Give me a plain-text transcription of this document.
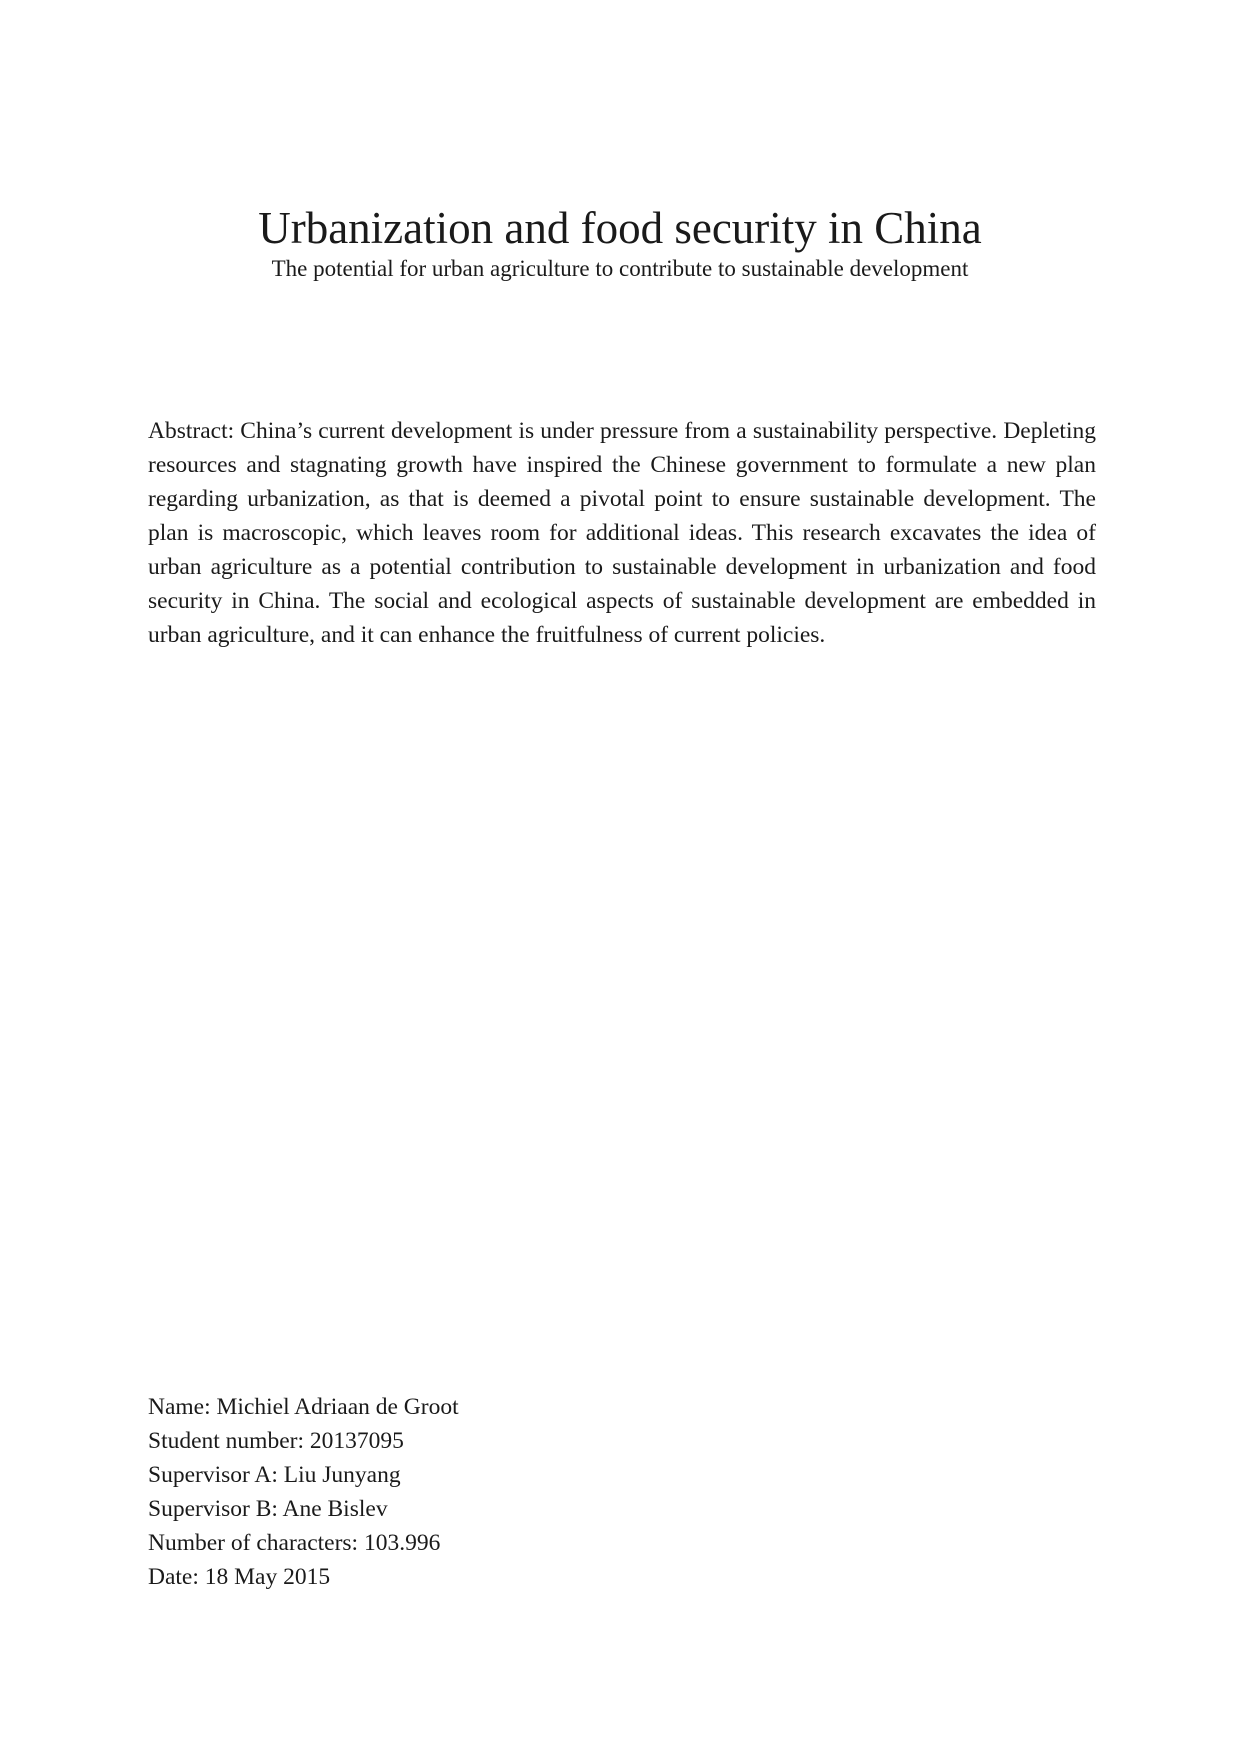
Urbanization and food security in China

The potential for urban agriculture to contribute to sustainable development

Abstract: China’s current development is under pressure from a sustainability perspective. Depleting resources and stagnating growth have inspired the Chinese government to formulate a new plan regarding urbanization, as that is deemed a pivotal point to ensure sustainable development. The plan is macroscopic, which leaves room for additional ideas. This research excavates the idea of urban agriculture as a potential contribution to sustainable development in urbanization and food security in China. The social and ecological aspects of sustainable development are embedded in urban agriculture, and it can enhance the fruitfulness of current policies.

Name: Michiel Adriaan de Groot
Student number: 20137095
Supervisor A: Liu Junyang
Supervisor B: Ane Bislev
Number of characters: 103.996
Date: 18 May 2015
